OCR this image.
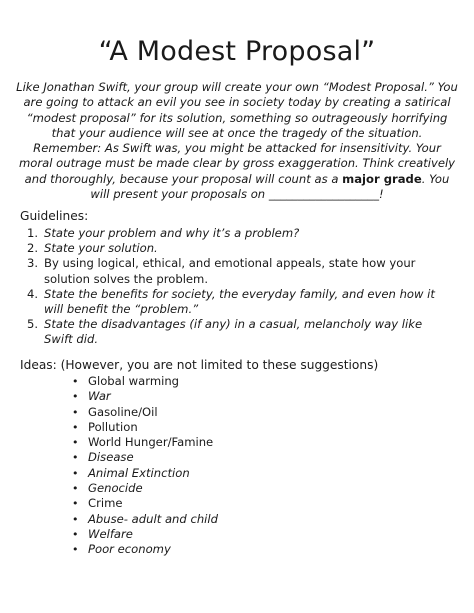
“A Modest Proposal”

Like Jonathan Swift, your group will create your own “Modest Proposal.” You are going to attack an evil you see in society today by creating a satirical “modest proposal” for its solution, something so outrageously horrifying that your audience will see at once the tragedy of the situation. Remember: As Swift was, you might be attacked for insensitivity. Your moral outrage must be made clear by gross exaggeration. Think creatively and thoroughly, because your proposal will count as a major grade. You will present your proposals on ___________________!

Guidelines:
1. State your problem and why it’s a problem?
2. State your solution.
3. By using logical, ethical, and emotional appeals, state how your solution solves the problem.
4. State the benefits for society, the everyday family, and even how it will benefit the “problem.”
5. State the disadvantages (if any) in a casual, melancholy way like Swift did.
Ideas: (However, you are not limited to these suggestions)
• Global warming
• War
• Gasoline/Oil
• Pollution
• World Hunger/Famine
• Disease
• Animal Extinction
• Genocide
• Crime
• Abuse- adult and child
• Welfare
• Poor economy
